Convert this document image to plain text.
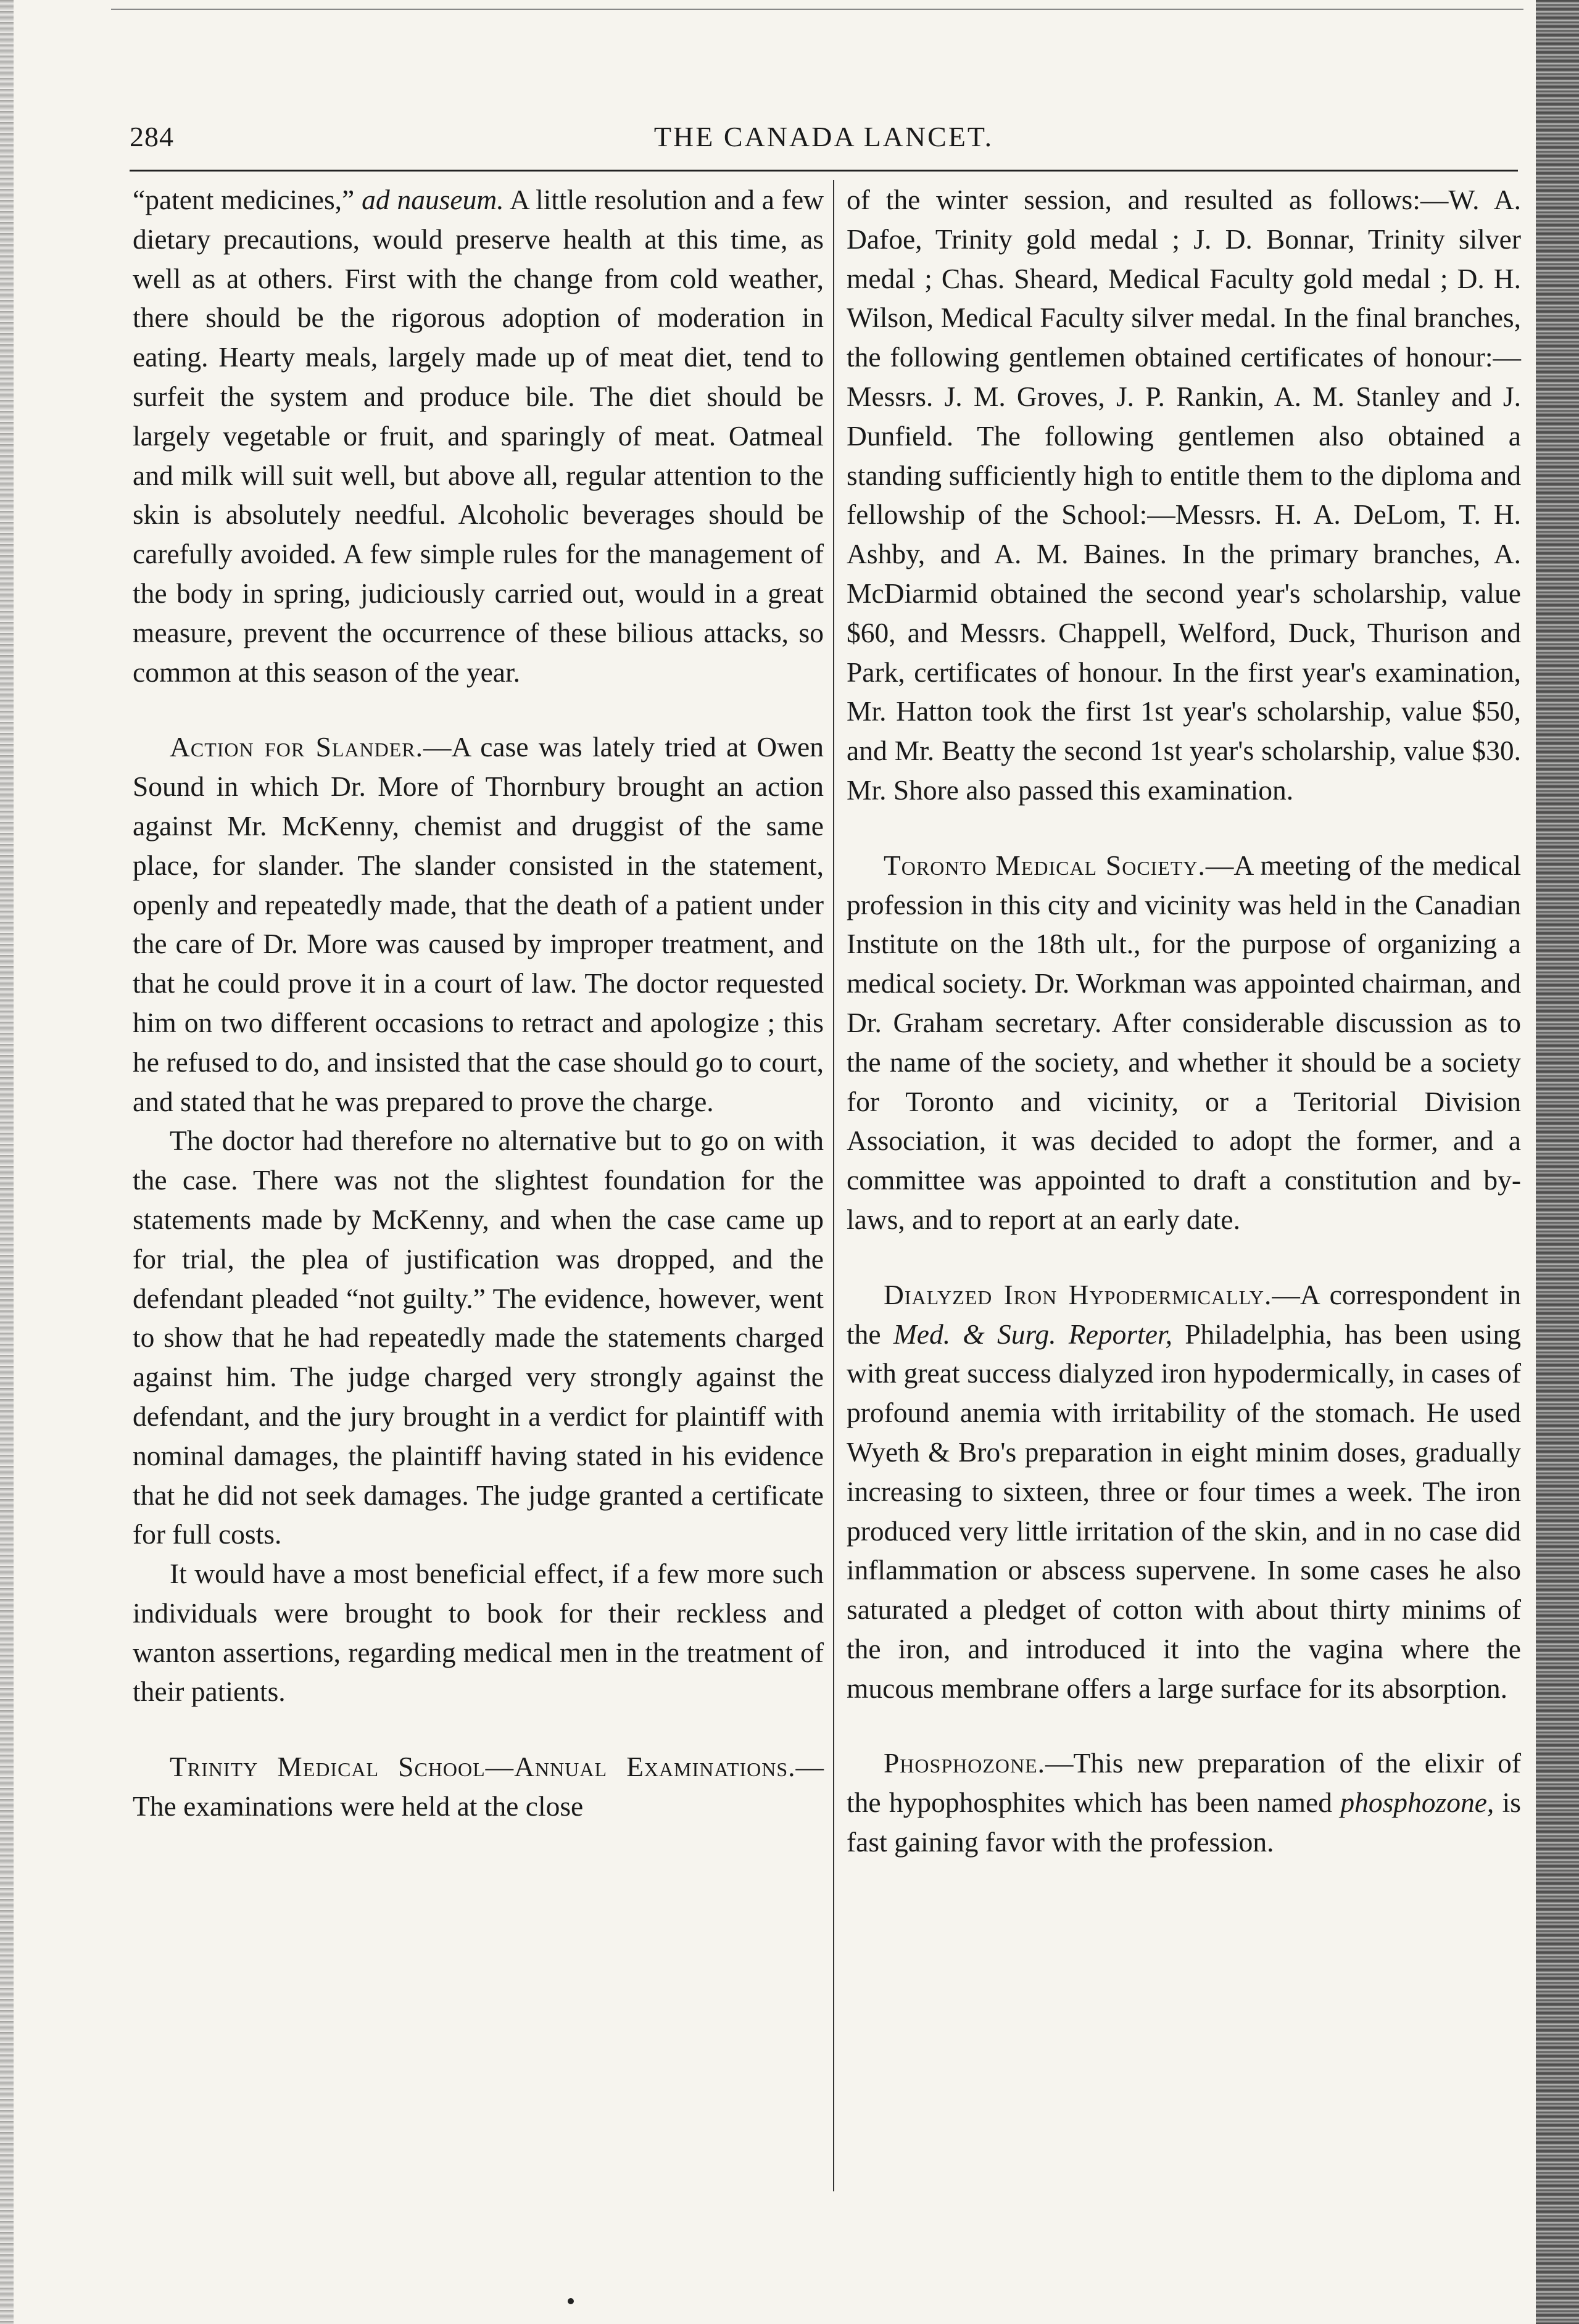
284	THE CANADA LANCET.

“patent medicines,” ad nauseum. A little resolution and a few dietary precautions, would preserve health at this time, as well as at others. First with the change from cold weather, there should be the rigorous adoption of moderation in eating. Hearty meals, largely made up of meat diet, tend to surfeit the system and produce bile. The diet should be largely vegetable or fruit, and sparingly of meat. Oatmeal and milk will suit well, but above all, regular attention to the skin is absolutely needful. Alcoholic beverages should be carefully avoided. A few simple rules for the management of the body in spring, judiciously carried out, would in a great measure, prevent the occurrence of these bilious attacks, so common at this season of the year.

Action for Slander.—A case was lately tried at Owen Sound in which Dr. More of Thornbury brought an action against Mr. McKenny, chemist and druggist of the same place, for slander. The slander consisted in the statement, openly and repeatedly made, that the death of a patient under the care of Dr. More was caused by improper treatment, and that he could prove it in a court of law. The doctor requested him on two different occasions to retract and apologize ; this he refused to do, and insisted that the case should go to court, and stated that he was prepared to prove the charge.

The doctor had therefore no alternative but to go on with the case. There was not the slightest foundation for the statements made by McKenny, and when the case came up for trial, the plea of justification was dropped, and the defendant pleaded “not guilty.” The evidence, however, went to show that he had repeatedly made the statements charged against him. The judge charged very strongly against the defendant, and the jury brought in a verdict for plaintiff with nominal damages, the plaintiff having stated in his evidence that he did not seek damages. The judge granted a certificate for full costs.

It would have a most beneficial effect, if a few more such individuals were brought to book for their reckless and wanton assertions, regarding medical men in the treatment of their patients.

Trinity Medical School—Annual Examinations.—The examinations were held at the close

of the winter session, and resulted as follows:—W. A. Dafoe, Trinity gold medal ; J. D. Bonnar, Trinity silver medal ; Chas. Sheard, Medical Faculty gold medal ; D. H. Wilson, Medical Faculty silver medal. In the final branches, the following gentlemen obtained certificates of honour:—Messrs. J. M. Groves, J. P. Rankin, A. M. Stanley and J. Dunfield. The following gentlemen also obtained a standing sufficiently high to entitle them to the diploma and fellowship of the School:—Messrs. H. A. DeLom, T. H. Ashby, and A. M. Baines. In the primary branches, A. McDiarmid obtained the second year's scholarship, value $60, and Messrs. Chappell, Welford, Duck, Thurison and Park, certificates of honour. In the first year's examination, Mr. Hatton took the first 1st year's scholarship, value $50, and Mr. Beatty the second 1st year's scholarship, value $30. Mr. Shore also passed this examination.

Toronto Medical Society.—A meeting of the medical profession in this city and vicinity was held in the Canadian Institute on the 18th ult., for the purpose of organizing a medical society. Dr. Workman was appointed chairman, and Dr. Graham secretary. After considerable discussion as to the name of the society, and whether it should be a society for Toronto and vicinity, or a Teritorial Division Association, it was decided to adopt the former, and a committee was appointed to draft a constitution and by-laws, and to report at an early date.

Dialyzed Iron Hypodermically.—A correspondent in the Med. & Surg. Reporter, Philadelphia, has been using with great success dialyzed iron hypodermically, in cases of profound anemia with irritability of the stomach. He used Wyeth & Bro's preparation in eight minim doses, gradually increasing to sixteen, three or four times a week. The iron produced very little irritation of the skin, and in no case did inflammation or abscess supervene. In some cases he also saturated a pledget of cotton with about thirty minims of the iron, and introduced it into the vagina where the mucous membrane offers a large surface for its absorption.

Phosphozone.—This new preparation of the elixir of the hypophosphites which has been named phosphozone, is fast gaining favor with the profession.
